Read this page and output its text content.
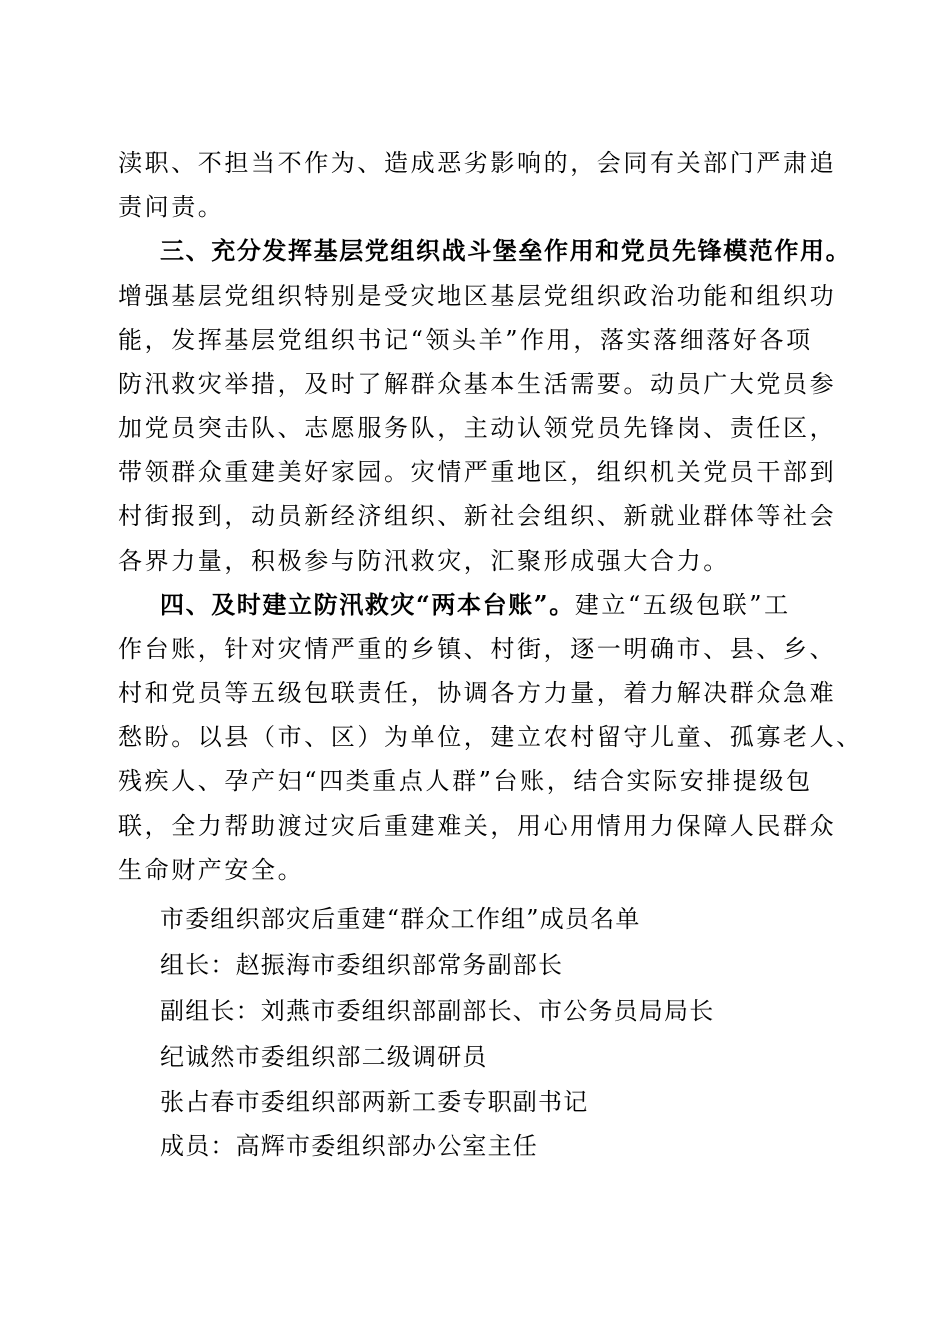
渎职、不担当不作为、造成恶劣影响的，会同有关部门严肃追
责问责。
三、充分发挥基层党组织战斗堡垒作用和党员先锋模范作用。
增强基层党组织特别是受灾地区基层党组织政治功能和组织功
能，发挥基层党组织书记“领头羊”作用，落实落细落好各项
防汛救灾举措，及时了解群众基本生活需要。动员广大党员参
加党员突击队、志愿服务队，主动认领党员先锋岗、责任区，
带领群众重建美好家园。灾情严重地区，组织机关党员干部到
村街报到，动员新经济组织、新社会组织、新就业群体等社会
各界力量，积极参与防汛救灾，汇聚形成强大合力。
四、及时建立防汛救灾“两本台账”。建立“五级包联”工
作台账，针对灾情严重的乡镇、村街，逐一明确市、县、乡、
村和党员等五级包联责任，协调各方力量，着力解决群众急难
愁盼。以县（市、区）为单位，建立农村留守儿童、孤寡老人、
残疾人、孕产妇“四类重点人群”台账，结合实际安排提级包
联，全力帮助渡过灾后重建难关，用心用情用力保障人民群众
生命财产安全。
市委组织部灾后重建“群众工作组”成员名单
组长：赵振海市委组织部常务副部长
副组长：刘燕市委组织部副部长、市公务员局局长
纪诚然市委组织部二级调研员
张占春市委组织部两新工委专职副书记
成员：高辉市委组织部办公室主任
